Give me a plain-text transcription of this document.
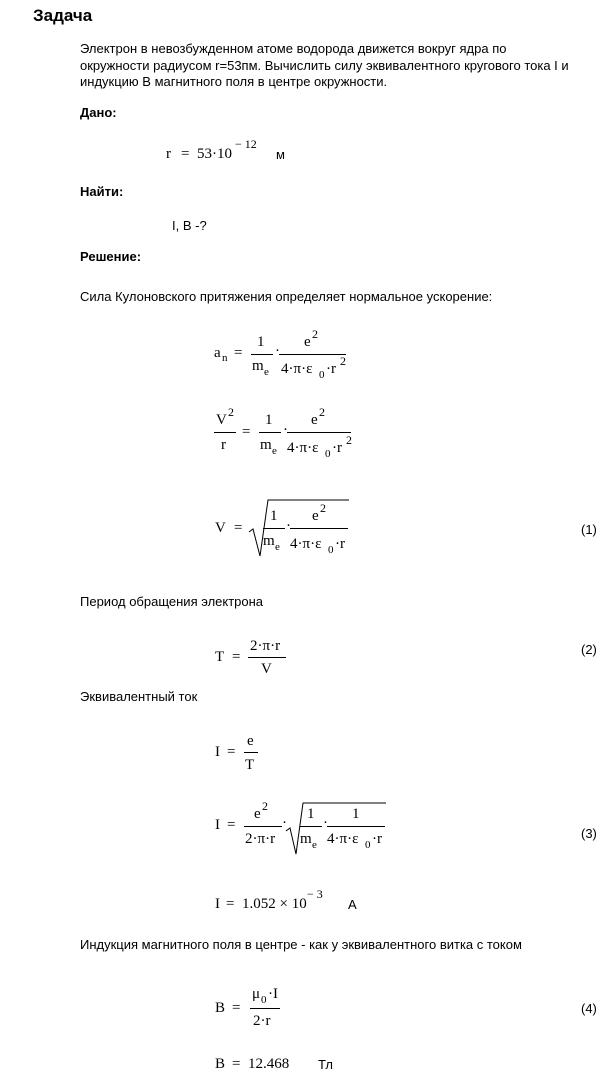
Задача
Электрон в невозбужденном атоме водорода движется вокруг ядра по
окружности радиусом r=53пм. Вычислить силу эквивалентного кругового тока I и
индукцию B магнитного поля в центре окружности.
Дано:
r = 53·10
− 12
м
Найти:
I, B -?
Решение:
Сила Кулоновского притяжения определяет нормальное ускорение:
a n =
1
m e
·
e 2
4·π·ε 0 ·r 2
V 2
r
=
1
m e
·
e 2
4·π·ε 0 ·r 2
V =
1
m e
·
e 2
4·π·ε 0 ·r
(1)
Период обращения электрона
T =
2·π·r
V
(2)
Эквивалентный ток
I =
e
T
I =
e 2
2·π·r
·
1
m e
·
1
4·π·ε 0 ·r	(3)
I = 1.052 × 10
− 3
А
Индукция магнитного поля в центре - как у эквивалентного витка с током
B =
μ 0 ·I
2·r
(4)
B = 12.468 Тл
